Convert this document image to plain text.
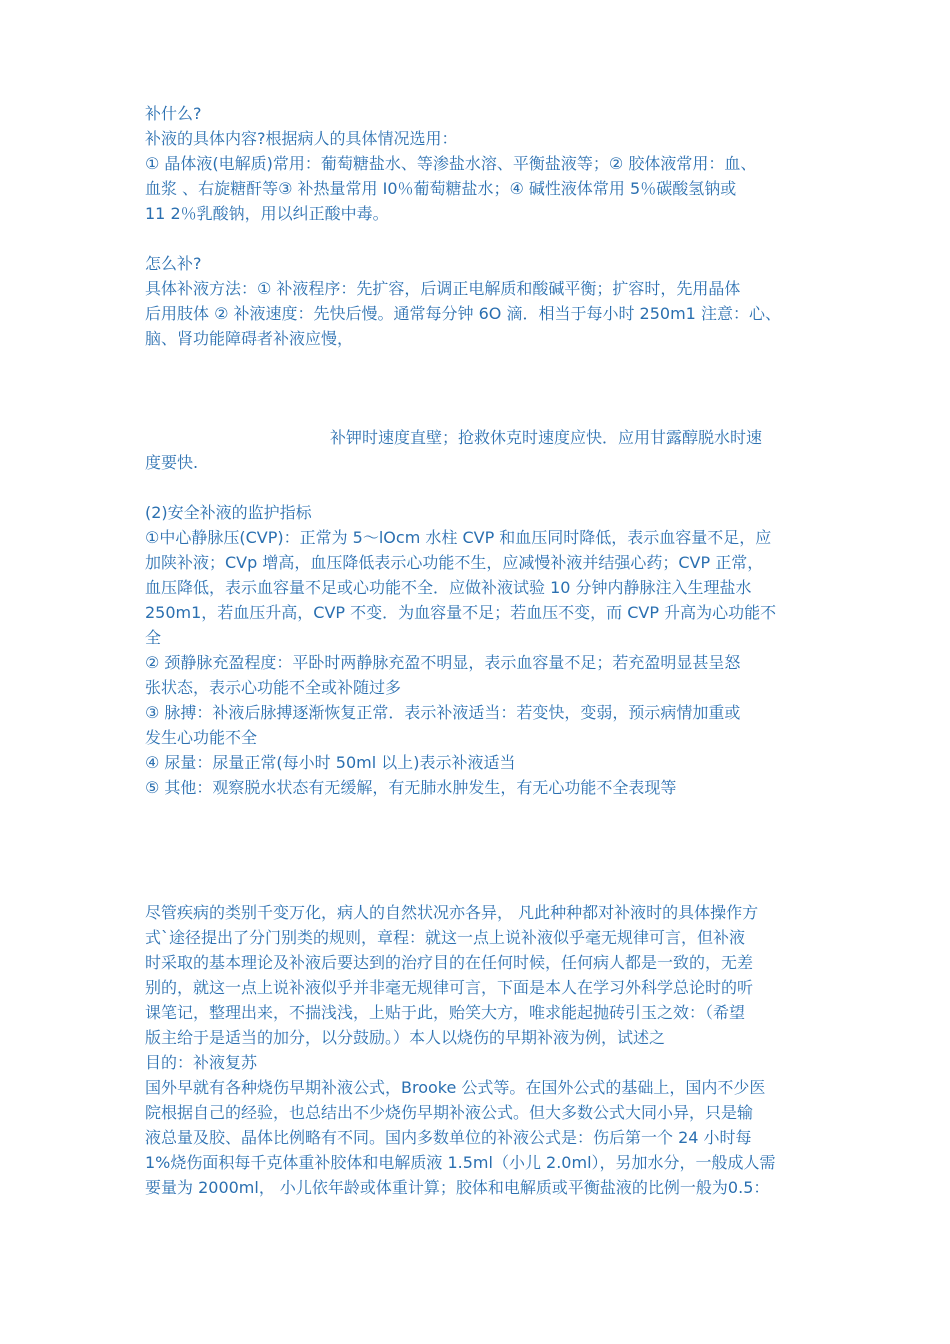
补什么?
补液的具体内容?根据病人的具体情况选用：
① 晶体液(电解质)常用：葡萄糖盐水、等渗盐水溶、平衡盐液等；② 胶体液常用：血、
血浆 、右旋糖酐等③ 补热量常用 I0％葡萄糖盐水；④ 碱性液体常用 5％碳酸氢钠或
11 2％乳酸钠，用以纠正酸中毒。
怎么补?
具体补液方法：① 补液程序：先扩容，后调正电解质和酸碱平衡；扩容时，先用晶体
后用肢体 ② 补液速度：先快后慢。通常每分钟 6O 滴．相当于每小时 250m1 注意：心、
脑、肾功能障碍者补液应慢，
补钾时速度直壁；抢救休克时速度应快．应用甘露醇脱水时速
度要快.
(2)安全补液的监护指标
①中心静脉压(CVP)：正常为 5～lOcm 水柱 CVP 和血压同时降低，表示血容量不足，应
加陕补液；CVp 增高，血压降低表示心功能不生，应减慢补液并结强心药；CVP 正常，
血压降低，表示血容量不足或心功能不全．应做补液试验 10 分钟内静脉注入生理盐水
250m1，若血压升高，CVP 不变．为血容量不足；若血压不变，而 CVP 升高为心功能不
全
② 颈静脉充盈程度：平卧时两静脉充盈不明显，表示血容量不足；若充盈明显甚呈怒
张状态，表示心功能不全或补随过多
③ 脉搏：补液后脉搏逐渐恢复正常．表示补液适当：若变快，变弱，预示病情加重或
发生心功能不全
④ 尿量：尿量正常(每小时 50ml 以上)表示补液适当
⑤ 其他：观察脱水状态有无缓解，有无肺水肿发生，有无心功能不全表现等
尽管疾病的类别千变万化，病人的自然状况亦各异， 凡此种种都对补液时的具体操作方
式`途径提出了分门别类的规则，章程：就这一点上说补液似乎毫无规律可言，但补液
时采取的基本理论及补液后要达到的治疗目的在任何时候，任何病人都是一致的，无差
别的，就这一点上说补液似乎并非毫无规律可言，下面是本人在学习外科学总论时的听
课笔记，整理出来，不揣浅浅，上贴于此，贻笑大方，唯求能起抛砖引玉之效：（希望
版主给于是适当的加分，以分鼓励。）本人以烧伤的早期补液为例，试述之
目的：补液复苏
国外早就有各种烧伤早期补液公式，Brooke 公式等。在国外公式的基础上，国内不少医
院根据自己的经验，也总结出不少烧伤早期补液公式。但大多数公式大同小异，只是输
液总量及胶、晶体比例略有不同。国内多数单位的补液公式是：伤后第一个 24 小时每
1%烧伤面积每千克体重补胶体和电解质液 1.5ml（小儿 2.0ml），另加水分，一般成人需
要量为 2000ml， 小儿依年龄或体重计算；胶体和电解质或平衡盐液的比例一般为0.5：
